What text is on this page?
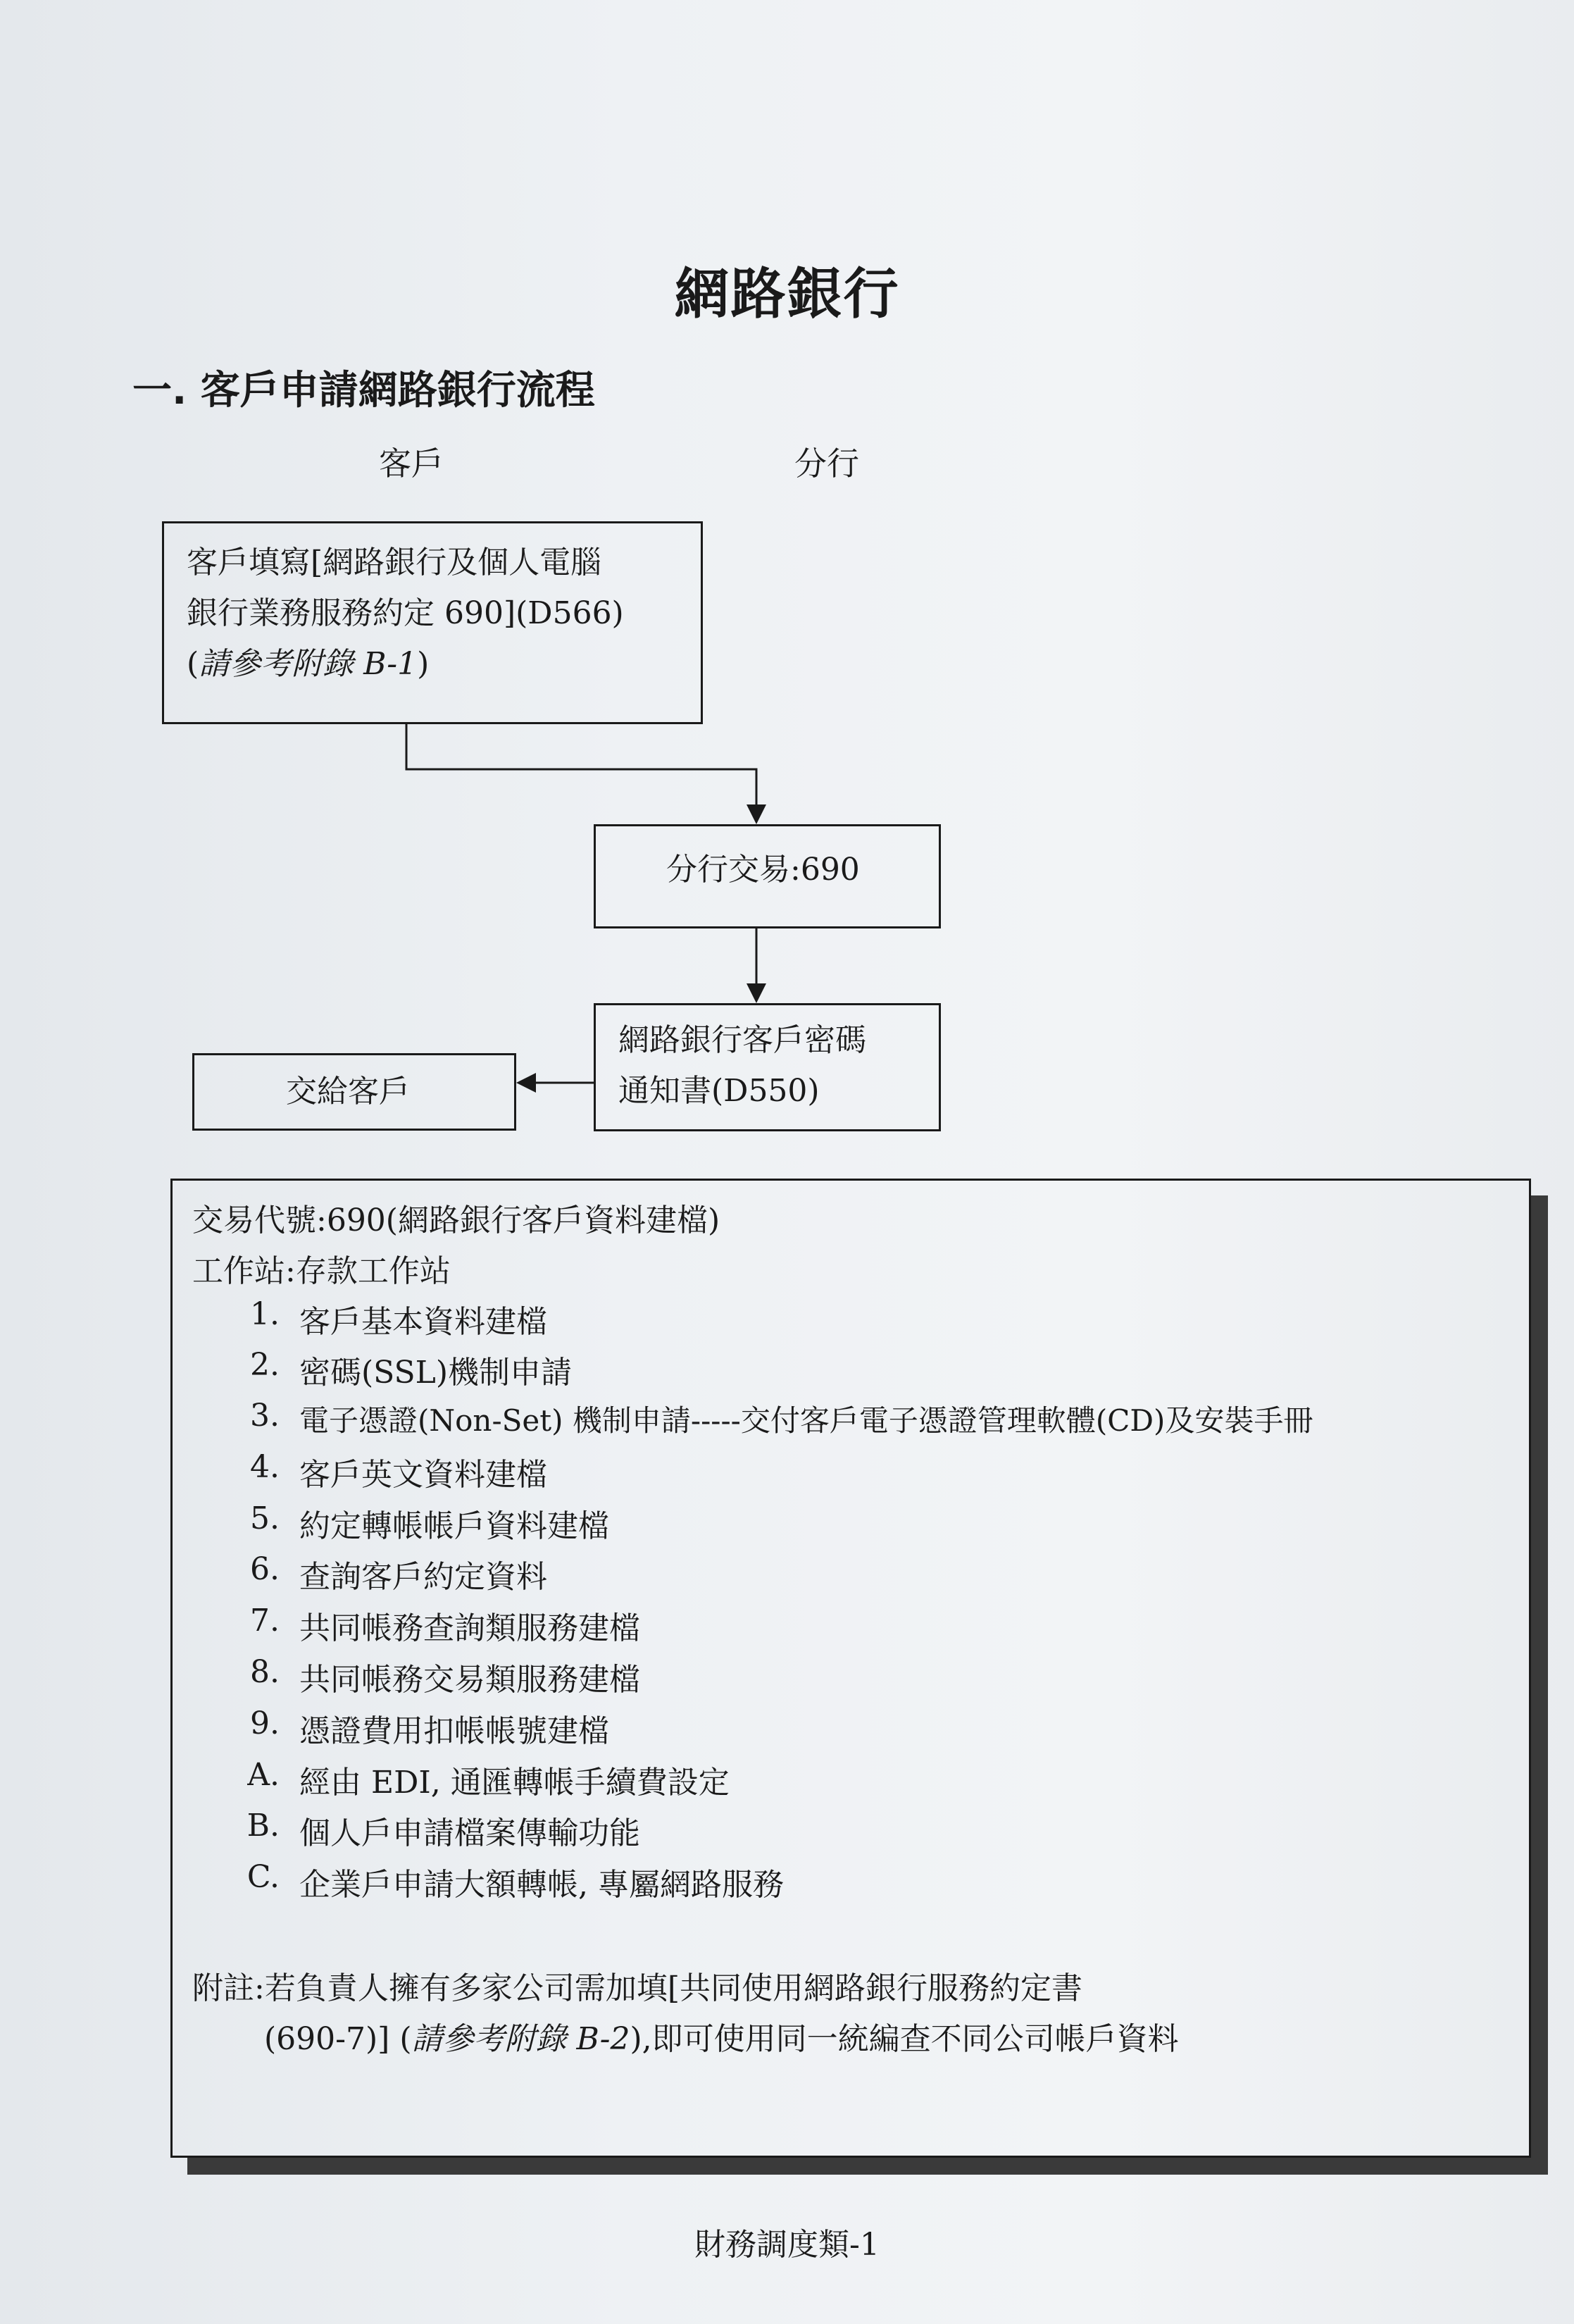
網路銀行
一. 客戶申請網路銀行流程
客戶	分行
客戶填寫[網路銀行及個人電腦
銀行業務服務約定 690](D566)
(請參考附錄 B-1)
分行交易:690
網路銀行客戶密碼
通知書(D550)
交給客戶
交易代號:690(網路銀行客戶資料建檔)
工作站:存款工作站
1. 客戶基本資料建檔
2. 密碼(SSL)機制申請
3. 電子憑證(Non-Set) 機制申請-----交付客戶電子憑證管理軟體(CD)及安裝手冊
4. 客戶英文資料建檔
5. 約定轉帳帳戶資料建檔
6. 查詢客戶約定資料
7. 共同帳務查詢類服務建檔
8. 共同帳務交易類服務建檔
9. 憑證費用扣帳帳號建檔
A. 經由 EDI, 通匯轉帳手續費設定
B. 個人戶申請檔案傳輸功能
C. 企業戶申請大額轉帳, 專屬網路服務
附註:若負責人擁有多家公司需加填[共同使用網路銀行服務約定書
(690-7)] (請參考附錄 B-2),即可使用同一統編查不同公司帳戶資料
財務調度類-1
